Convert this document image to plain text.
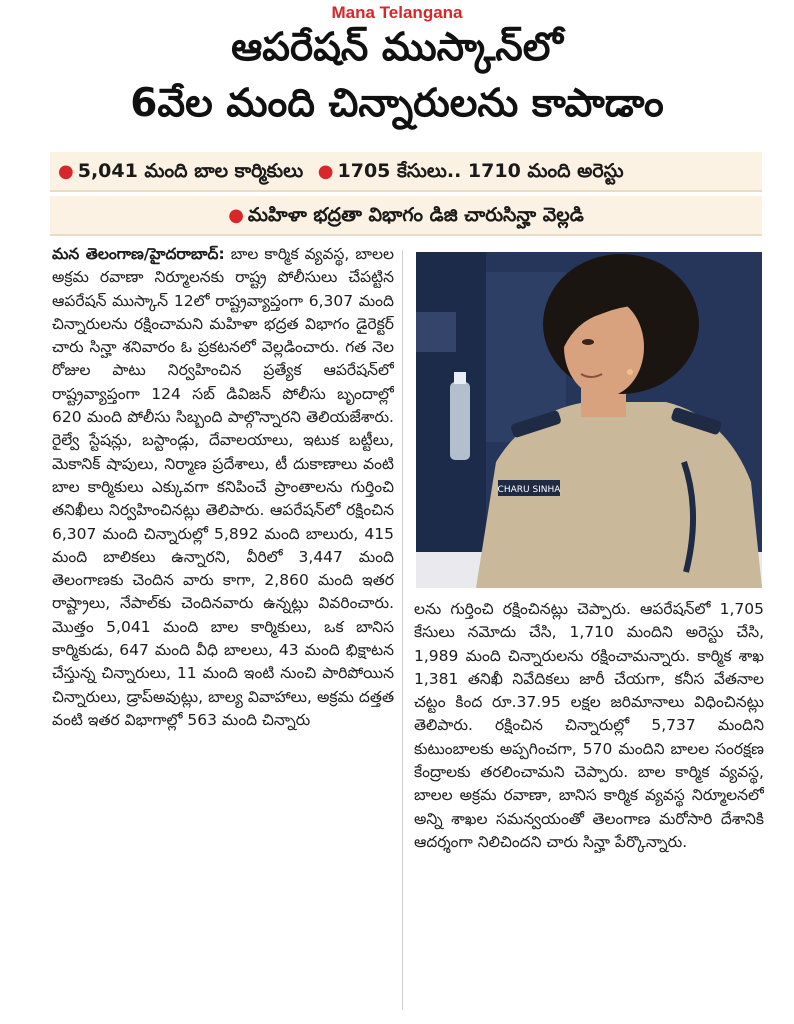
Mana Telangana
ఆపరేషన్ ముస్కాన్‌లో
6వేల మంది చిన్నారులను కాపాడాం
● 5,041 మంది బాల కార్మికులు ● 1705 కేసులు.. 1710 మంది అరెస్టు
● మహిళా భద్రతా విభాగం డిజి చారుసిన్హా వెల్లడి
మన తెలంగాణ/హైదరాబాద్: బాల కార్మిక వ్యవస్థ, బాలల అక్రమ రవాణా నిర్మూలనకు రాష్ట్ర పోలీసులు చేపట్టిన ఆపరేషన్ ముస్కాన్ 12లో రాష్ట్రవ్యాప్తంగా 6,307 మంది చిన్నారులను రక్షించామని మహిళా భద్రత విభాగం డైరెక్టర్ చారు సిన్హా శనివారం ఓ ప్రకటనలో వెల్లడించారు. గత నెల రోజుల పాటు నిర్వహించిన ప్రత్యేక ఆపరేషన్‌లో రాష్ట్రవ్యాప్తంగా 124 సబ్ డివిజన్ పోలీసు బృందాల్లో 620 మంది పోలీసు సిబ్బంది పాల్గొన్నారని తెలియజేశారు. రైల్వే స్టేషన్లు, బస్టాండ్లు, దేవాలయాలు, ఇటుక బట్టీలు, మెకానిక్ షాపులు, నిర్మాణ ప్రదేశాలు, టీ దుకాణాలు వంటి బాల కార్మికులు ఎక్కువగా కనిపించే ప్రాంతాలను గుర్తించి తనిఖీలు నిర్వహించినట్లు తెలిపారు. ఆపరేషన్‌లో రక్షించిన 6,307 మంది చిన్నారుల్లో 5,892 మంది బాలురు, 415 మంది బాలికలు ఉన్నారని, వీరిలో 3,447 మంది తెలంగాణకు చెందిన వారు కాగా, 2,860 మంది ఇతర రాష్ట్రాలు, నేపాల్‌కు చెందినవారు ఉన్నట్లు వివరించారు. మొత్తం 5,041 మంది బాల కార్మికులు, ఒక బానిస కార్మికుడు, 647 మంది వీధి బాలలు, 43 మంది భిక్షాటన చేస్తున్న చిన్నారులు, 11 మంది ఇంటి నుంచి పారిపోయిన చిన్నారులు, డ్రాప్‌అవుట్లు, బాల్య వివాహాలు, అక్రమ దత్తత వంటి ఇతర విభాగాల్లో 563 మంది చిన్నారు
CHARU SINHA
లను గుర్తించి రక్షించినట్లు చెప్పారు. ఆపరేషన్‌లో 1,705 కేసులు నమోదు చేసి, 1,710 మందిని అరెస్టు చేసి, 1,989 మంది చిన్నారులను రక్షించామన్నారు. కార్మిక శాఖ 1,381 తనిఖీ నివేదికలు జారీ చేయగా, కనీస వేతనాల చట్టం కింద రూ.37.95 లక్షల జరిమానాలు విధించినట్లు తెలిపారు. రక్షించిన చిన్నారుల్లో 5,737 మందిని కుటుంబాలకు అప్పగించగా, 570 మందిని బాలల సంరక్షణ కేంద్రాలకు తరలించామని చెప్పారు. బాల కార్మిక వ్యవస్థ, బాలల అక్రమ రవాణా, బానిస కార్మిక వ్యవస్థ నిర్మూలనలో అన్ని శాఖల సమన్వయంతో తెలంగాణ మరోసారి దేశానికి ఆదర్శంగా నిలిచిందని చారు సిన్హా పేర్కొన్నారు.
